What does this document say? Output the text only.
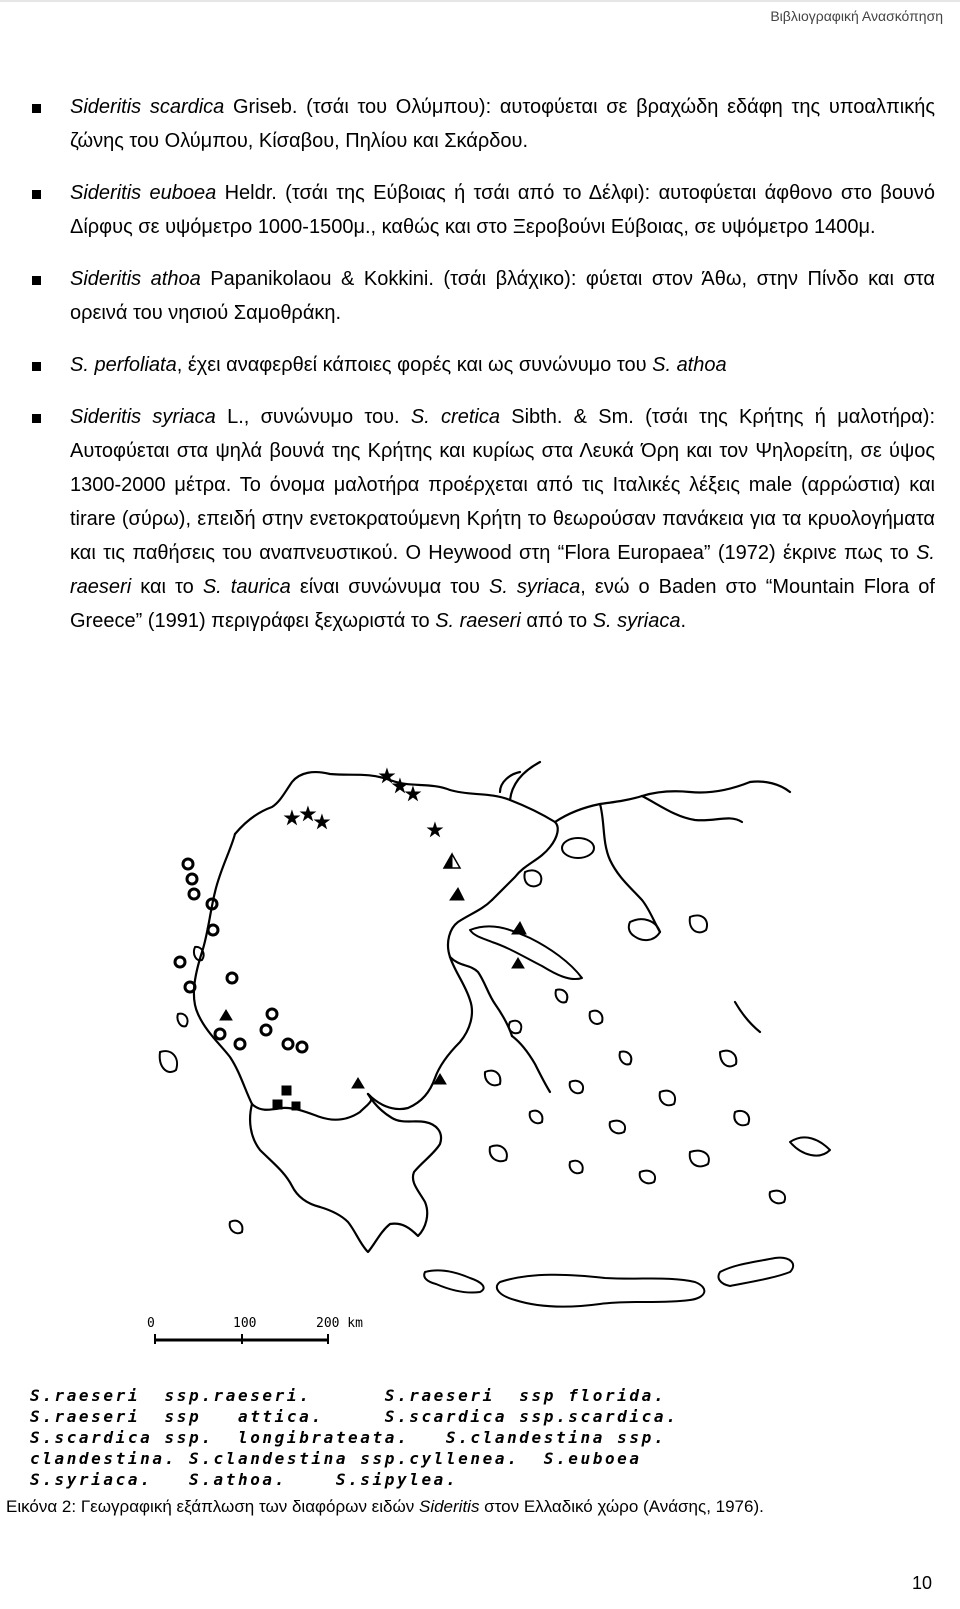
Βιβλιογραφική Ανασκόπηση
Sideritis scardica Griseb. (τσάι του Ολύμπου): αυτοφύεται σε βραχώδη εδάφη της υποαλπικής ζώνης του Ολύμπου, Κίσαβου, Πηλίου και Σκάρδου.
Sideritis euboea Heldr. (τσάι της Εύβοιας ή τσάι από το Δέλφι): αυτοφύεται άφθονο στο βουνό Δίρφυς σε υψόμετρο 1000-1500μ., καθώς και στο Ξεροβούνι Εύβοιας, σε υψόμετρο 1400μ.
Sideritis athoa Papanikolaou & Kokkini. (τσάι βλάχικο): φύεται στον Άθω, στην Πίνδο και στα ορεινά του νησιού Σαμοθράκη.
S. perfoliata, έχει αναφερθεί κάποιες φορές και ως συνώνυμο του S. athoa
Sideritis syriaca L., συνώνυμο του. S. cretica Sibth. & Sm. (τσάι της Κρήτης ή μαλοτήρα): Αυτοφύεται στα ψηλά βουνά της Κρήτης και κυρίως στα Λευκά Όρη και τον Ψηλορείτη, σε ύψος 1300-2000 μέτρα. Το όνομα μαλοτήρα προέρχεται από τις Ιταλικές λέξεις male (αρρώστια) και tirare (σύρω), επειδή στην ενετοκρατούμενη Κρήτη το θεωρούσαν πανάκεια για τα κρυολογήματα και τις παθήσεις του αναπνευστικού. Ο Heywood στη “Flora Europaea” (1972) έκρινε πως το S. raeseri και το S. taurica είναι συνώνυμα του S. syriaca, ενώ ο Baden στο “Mountain Flora of Greece” (1991) περιγράφει ξεχωριστά το S. raeseri από το S. syriaca.
★
★
★
★
★
★
★
0	100	200 km
S.raeseri  ssp.raeseri.      S.raeseri  ssp florida.
S.raeseri  ssp   attica.     S.scardica ssp.scardica.
S.scardica ssp.  longibrateata.   S.clandestina ssp.
clandestina. S.clandestina ssp.cyllenea.  S.euboea
S.syriaca.   S.athoa.    S.sipylea.
Εικόνα 2: Γεωγραφική εξάπλωση των διαφόρων ειδών Sideritis στον Ελλαδικό χώρο (Ανάσης, 1976).
10
